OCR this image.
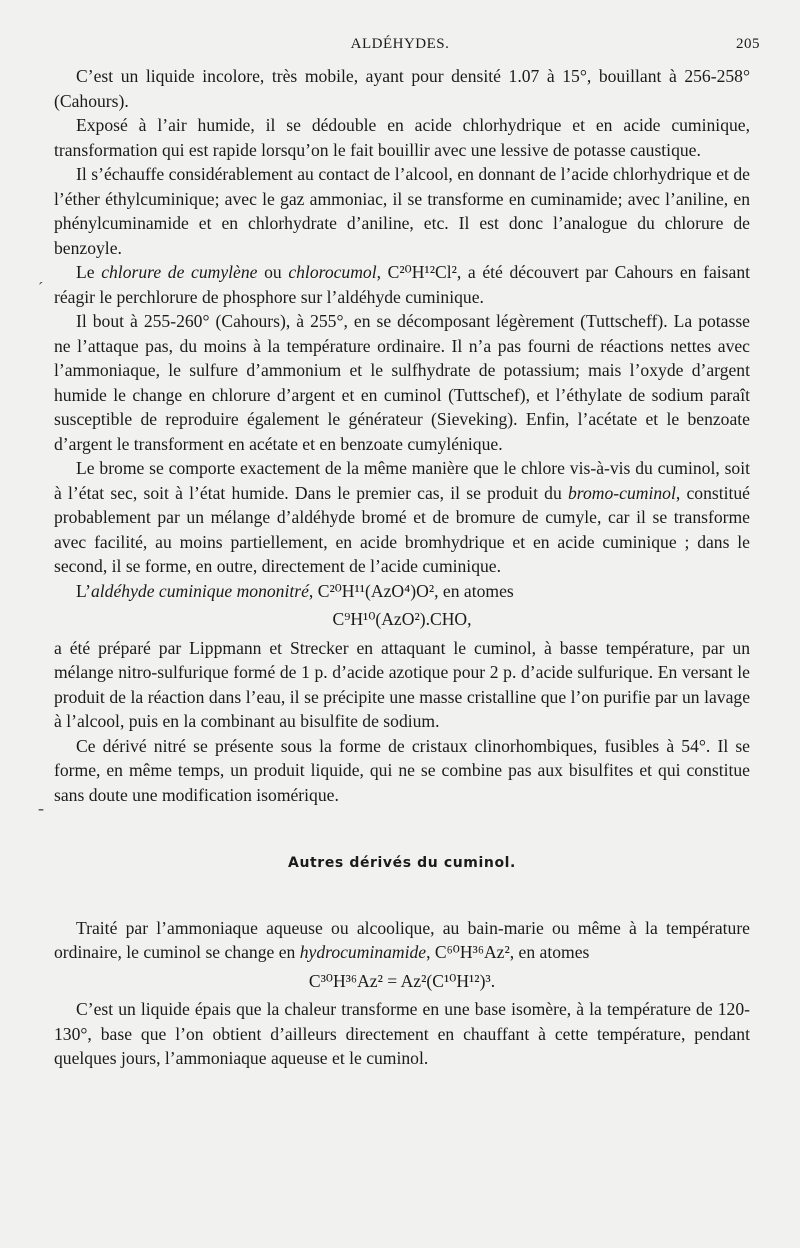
ALDÉHYDES.	205
´
-

C’est un liquide incolore, très mobile, ayant pour densité 1.07 à 15°, bouillant à 256-258° (Cahours).

Exposé à l’air humide, il se dédouble en acide chlorhydrique et en acide cuminique, transformation qui est rapide lorsqu’on le fait bouillir avec une lessive de potasse caustique.

Il s’échauffe considérablement au contact de l’alcool, en donnant de l’acide chlorhydrique et de l’éther éthylcuminique; avec le gaz ammoniac, il se transforme en cuminamide; avec l’aniline, en phénylcuminamide et en chlorhydrate d’aniline, etc. Il est donc l’analogue du chlorure de benzoyle.

Le chlorure de cumylène ou chlorocumol, C²⁰H¹²Cl², a été découvert par Cahours en faisant réagir le perchlorure de phosphore sur l’aldéhyde cuminique.

Il bout à 255-260° (Cahours), à 255°, en se décomposant légèrement (Tuttscheff). La potasse ne l’attaque pas, du moins à la température ordinaire. Il n’a pas fourni de réactions nettes avec l’ammoniaque, le sulfure d’ammonium et le sulfhydrate de potassium; mais l’oxyde d’argent humide le change en chlorure d’argent et en cuminol (Tuttschef), et l’éthylate de sodium paraît susceptible de reproduire également le générateur (Sieveking). Enfin, l’acétate et le benzoate d’argent le transforment en acétate et en benzoate cumylénique.

Le brome se comporte exactement de la même manière que le chlore vis-à-vis du cuminol, soit à l’état sec, soit à l’état humide. Dans le premier cas, il se produit du bromo-cuminol, constitué probablement par un mélange d’aldéhyde bromé et de bromure de cumyle, car il se transforme avec facilité, au moins partiellement, en acide bromhydrique et en acide cuminique ; dans le second, il se forme, en outre, directement de l’acide cuminique.

L’aldéhyde cuminique mononitré, C²⁰H¹¹(AzO⁴)O², en atomes

C⁹H¹⁰(AzO²).CHO,

a été préparé par Lippmann et Strecker en attaquant le cuminol, à basse température, par un mélange nitro-sulfurique formé de 1 p. d’acide azotique pour 2 p. d’acide sulfurique. En versant le produit de la réaction dans l’eau, il se précipite une masse cristalline que l’on purifie par un lavage à l’alcool, puis en la combinant au bisulfite de sodium.

Ce dérivé nitré se présente sous la forme de cristaux clinorhombiques, fusibles à 54°. Il se forme, en même temps, un produit liquide, qui ne se combine pas aux bisulfites et qui constitue sans doute une modification isomérique.

Autres dérivés du cuminol.

Traité par l’ammoniaque aqueuse ou alcoolique, au bain-marie ou même à la température ordinaire, le cuminol se change en hydrocuminamide, C⁶⁰H³⁶Az², en atomes

C³⁰H³⁶Az² = Az²(C¹⁰H¹²)³.

C’est un liquide épais que la chaleur transforme en une base isomère, à la température de 120-130°, base que l’on obtient d’ailleurs directement en chauffant à cette température, pendant quelques jours, l’ammoniaque aqueuse et le cuminol.
